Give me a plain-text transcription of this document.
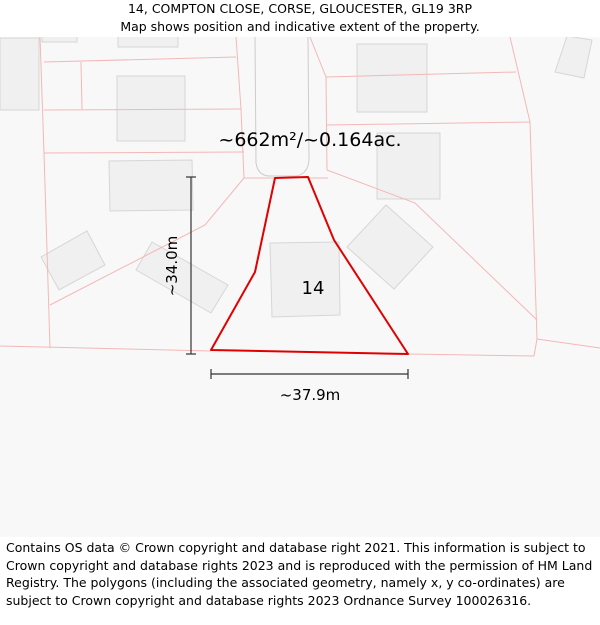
14, COMPTON CLOSE, CORSE, GLOUCESTER, GL19 3RP
Map shows position and indicative extent of the property.
~662m²/~0.164ac.
14
~34.0m
~37.9m
Contains OS data © Crown copyright and database right 2021. This information is subject to Crown copyright and database rights 2023 and is reproduced with the permission of HM Land Registry. The polygons (including the associated geometry, namely x, y co-ordinates) are subject to Crown copyright and database rights 2023 Ordnance Survey 100026316.
